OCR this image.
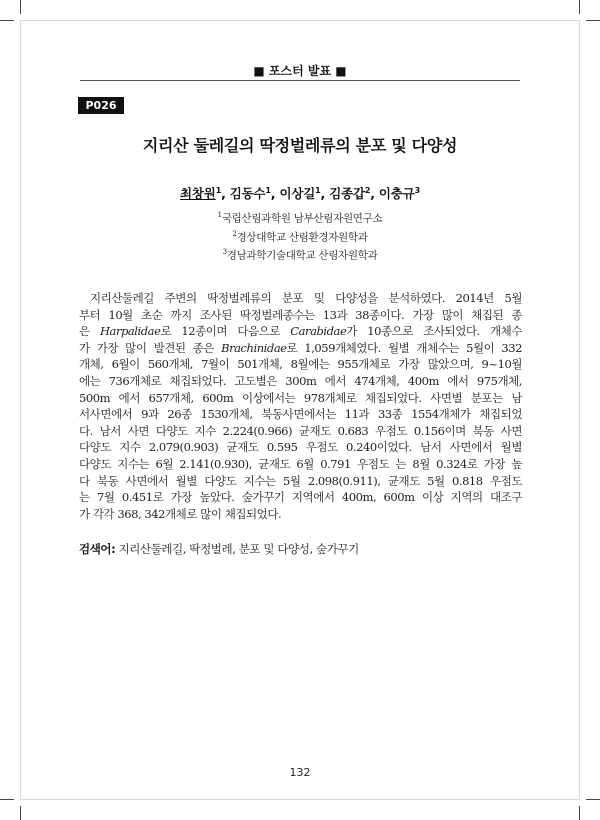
■ 포스터 발표 ■
P026
지리산 둘레길의 딱정벌레류의 분포 및 다양성
최창원$^1$, 김동수$^1$, 이상길$^1$, 김종갑$^2$, 이충규$^3$
$^1$국립산림과학원 남부산림자원연구소
$^2$경상대학교 산림환경자원학과
$^3$경남과학기술대학교 산림자원학과
지리산둘레길 주변의 딱정벌레류의 분포 및 다양성을 분석하였다. 2014년 5월
부터 10월 초순 까지 조사된 딱정벌레종수는 13과 38종이다. 가장 많이 채집된 종
은 Harpalidae로 12종이며 다음으로 Carabidae가 10종으로 조사되었다. 개체수
가 가장 많이 발견된 종은 Brachinidae로 1,059개체였다. 월별 개체수는 5월이 332
개체, 6월이 560개체, 7월이 501개체, 8월에는 955개체로 가장 많았으며, 9~10월
에는 736개체로 채집되었다. 고도별은 300m 에서 474개체, 400m 에서 975개체,
500m 에서 657개체, 600m 이상에서는 978개체로 채집되었다. 사면별 분포는 남
서사면에서 9과 26종 1530개체, 북동사면에서는 11과 33종 1554개체가 채집되었
다. 남서 사면 다양도 지수 2.224(0.966) 균재도 0.683 우점도 0.156이며 북동 사면
다양도 지수 2.079(0.903) 균재도 0.595 우점도 0.240이었다. 남서 사면에서 월별
다양도 지수는 6월 2.141(0.930), 균재도 6월 0.791 우점도 는 8월 0.324로 가장 높
다 북동 사면에서 월별 다양도 지수는 5월 2.098(0.911), 균재도 5월 0.818 우점도
는 7월 0.451로 가장 높았다. 숲가꾸기 지역에서 400m, 600m 이상 지역의 대조구
가 각각 368, 342개체로 많이 채집되었다.
검색어: 지리산둘레길, 딱정벌레, 분포 및 다양성, 숲가꾸기
132
